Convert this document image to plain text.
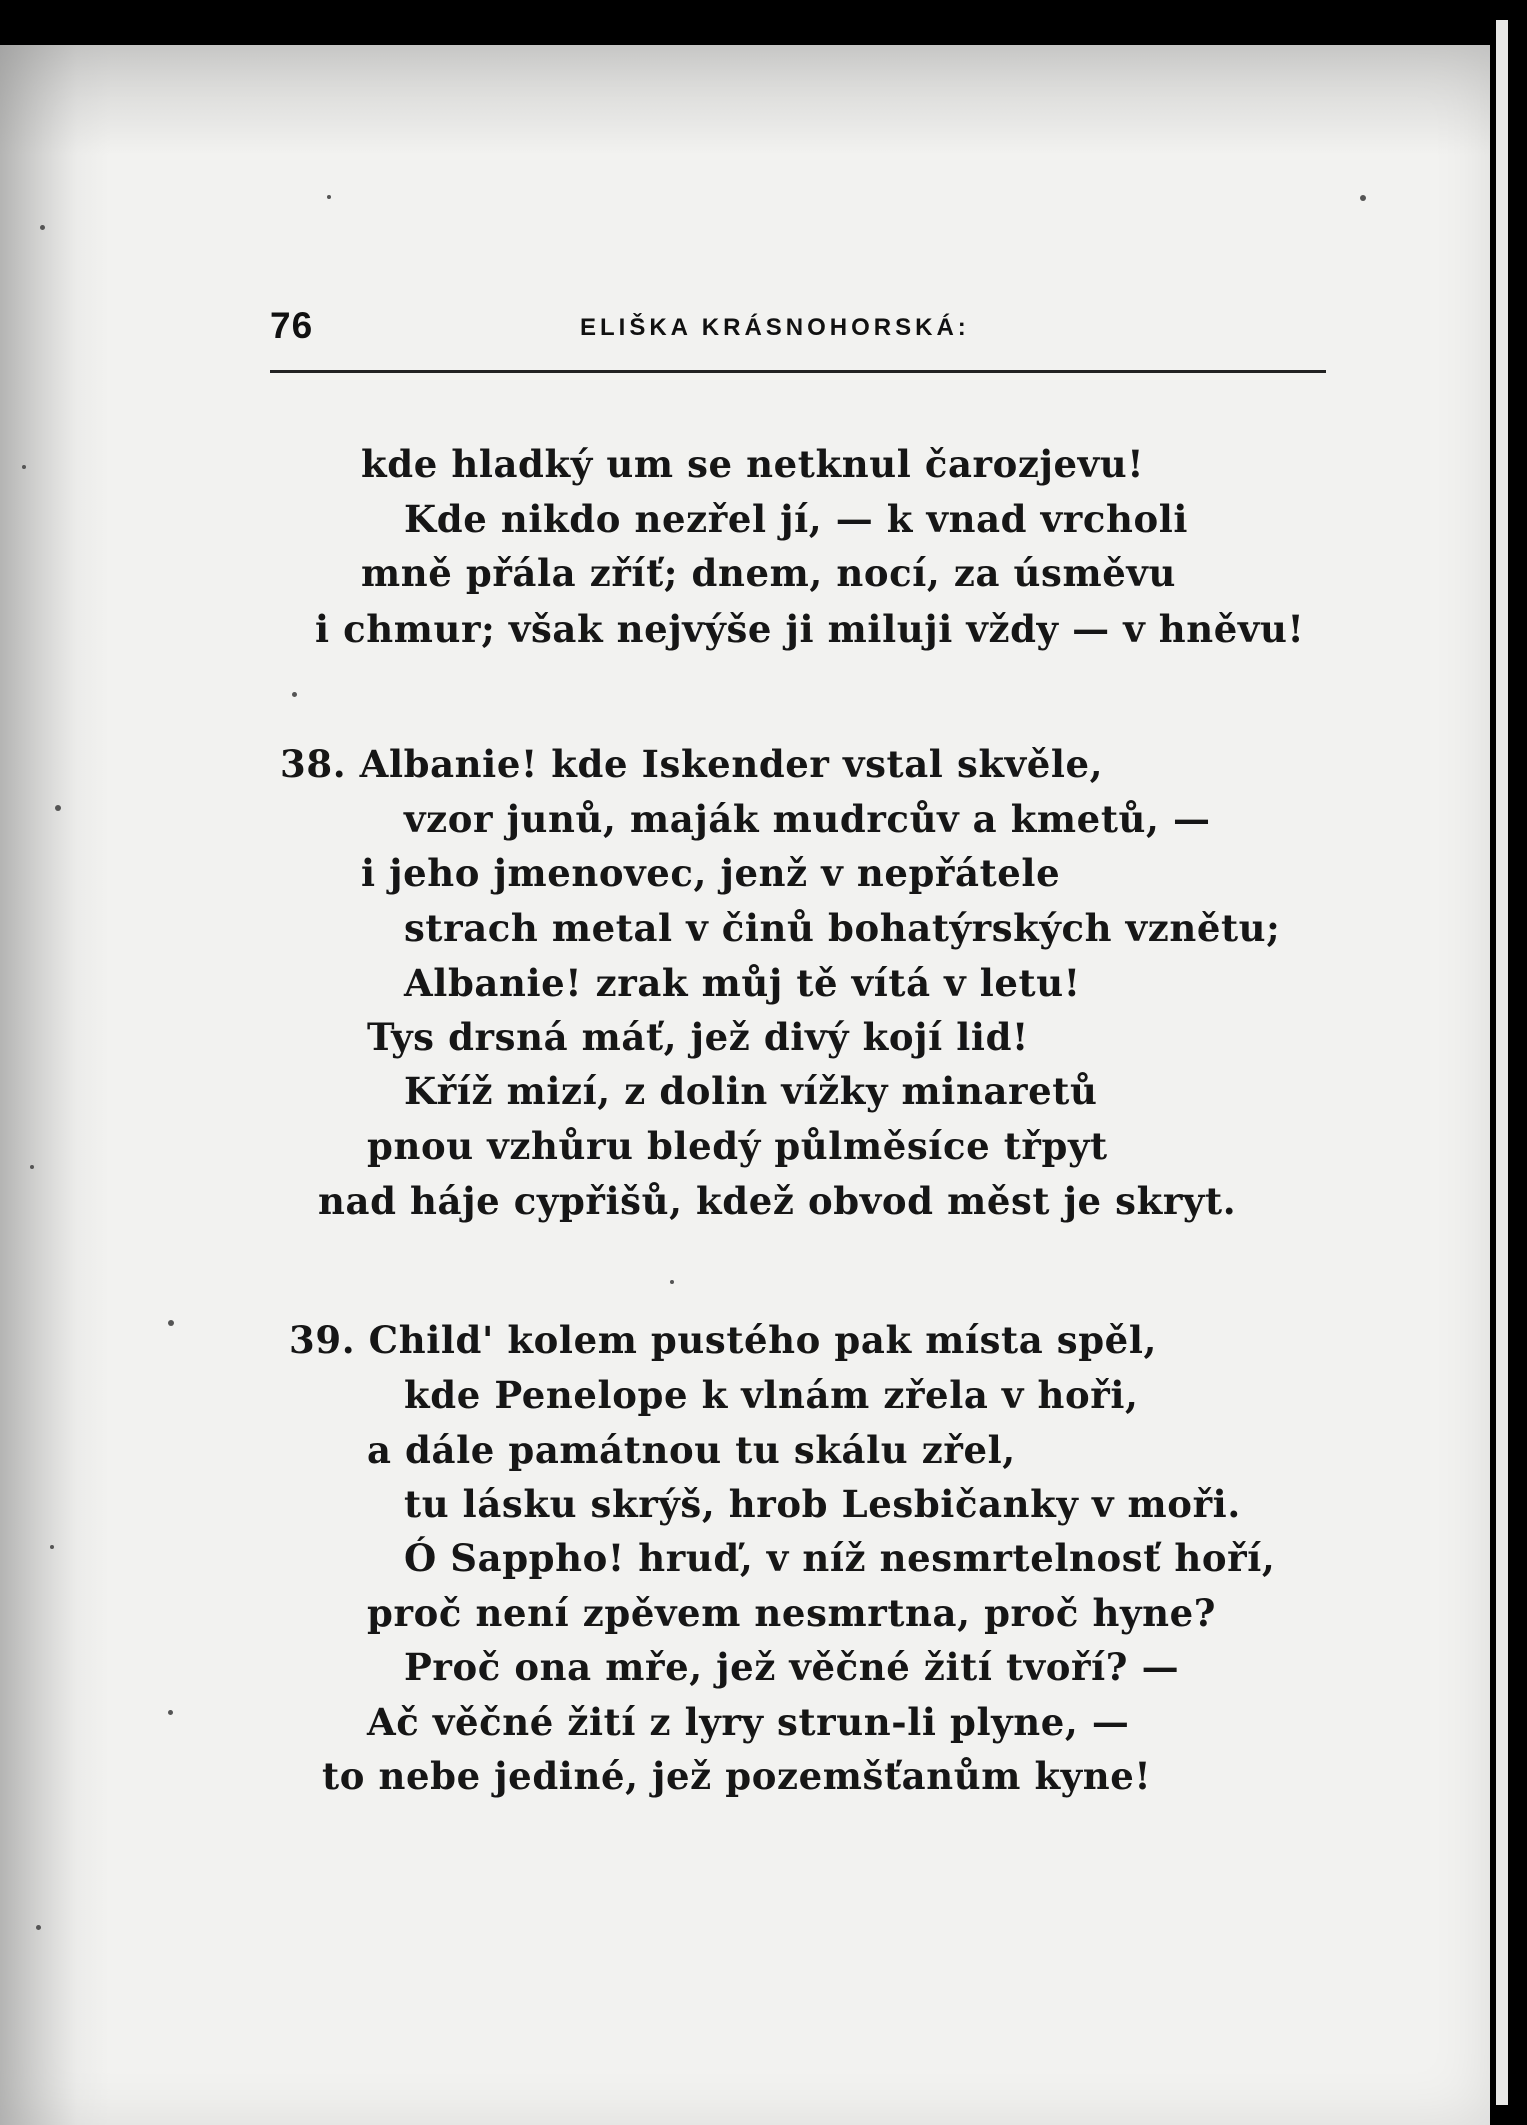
76	ELIŠKA KRÁSNOHORSKÁ:
kde hladký um se netknul čarozjevu!
Kde nikdo nezřel jí, — k vnad vrcholi
mně přála zříť; dnem, nocí, za úsměvu
i chmur; však nejvýše ji miluji vždy — v hněvu!
38. Albanie! kde Iskender vstal skvěle,
vzor junů, maják mudrcův a kmetů, —
i jeho jmenovec, jenž v nepřátele
strach metal v činů bohatýrských vznětu;
Albanie! zrak můj tě vítá v letu!
Tys drsná máť, jež divý kojí lid!
Kříž mizí, z dolin vížky minaretů
pnou vzhůru bledý půlměsíce třpyt
nad háje cypřišů, kdež obvod měst je skryt.
39. Child' kolem pustého pak místa spěl,
kde Penelope k vlnám zřela v hoři,
a dále památnou tu skálu zřel,
tu lásku skrýš, hrob Lesbičanky v moři.
Ó Sappho! hruď, v níž nesmrtelnosť hoří,
proč není zpěvem nesmrtna, proč hyne?
Proč ona mře, jež věčné žití tvoří? —
Ač věčné žití z lyry strun-li plyne, —
to nebe jediné, jež pozemšťanům kyne!
